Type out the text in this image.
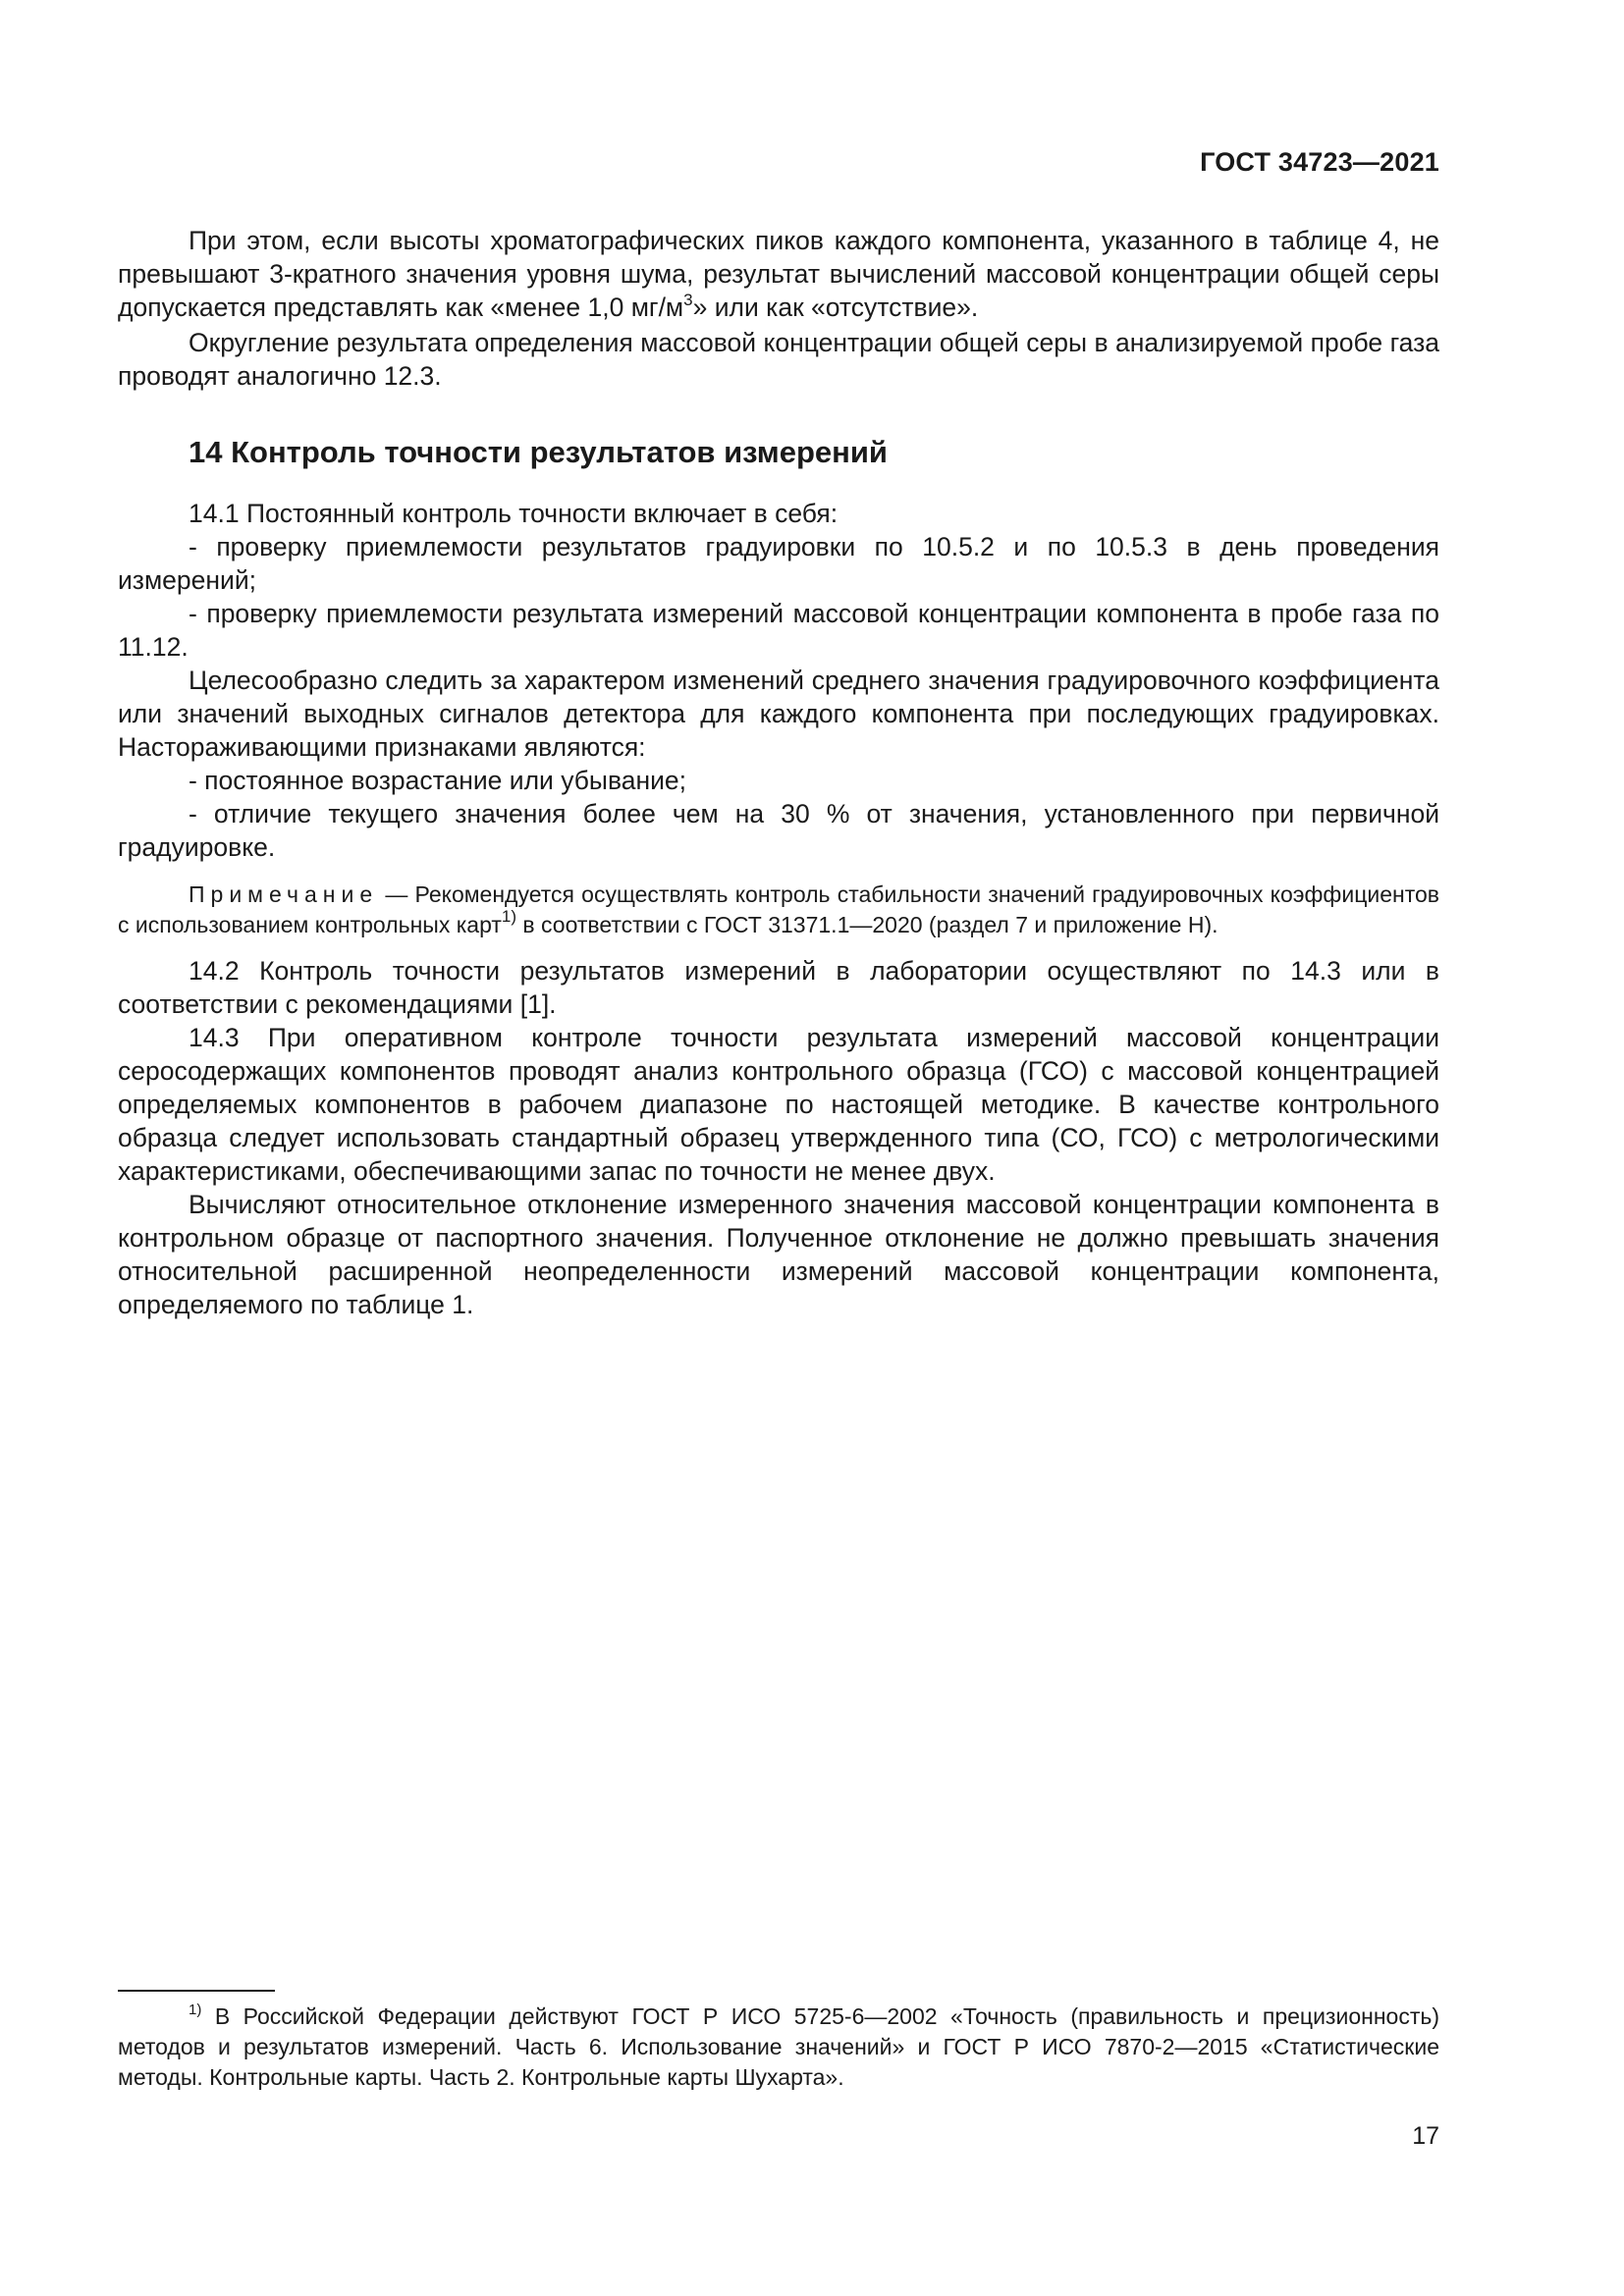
ГОСТ 34723—2021

При этом, если высоты хроматографических пиков каждого компонента, указанного в таблице 4, не превышают 3-кратного значения уровня шума, результат вычислений массовой концентрации общей серы допускается представлять как «менее 1,0 $мг/м^3$» или как «отсутствие».

Округление результата определения массовой концентрации общей серы в анализируемой пробе газа проводят аналогично 12.3.

14 Контроль точности результатов измерений

14.1 Постоянный контроль точности включает в себя:

- проверку приемлемости результатов градуировки по 10.5.2 и по 10.5.3 в день проведения измерений;

- проверку приемлемости результата измерений массовой концентрации компонента в пробе газа по 11.12.

Целесообразно следить за характером изменений среднего значения градуировочного коэффициента или значений выходных сигналов детектора для каждого компонента при последующих градуировках. Настораживающими признаками являются:

- постоянное возрастание или убывание;

- отличие текущего значения более чем на 30 % от значения, установленного при первичной градуировке.

Примечание — Рекомендуется осуществлять контроль стабильности значений градуировочных коэффициентов с использованием контрольных карт$^{1)}$ в соответствии с ГОСТ 31371.1—2020 (раздел 7 и приложение Н).

14.2 Контроль точности результатов измерений в лаборатории осуществляют по 14.3 или в соответствии с рекомендациями [1].

14.3 При оперативном контроле точности результата измерений массовой концентрации серосодержащих компонентов проводят анализ контрольного образца (ГСО) с массовой концентрацией определяемых компонентов в рабочем диапазоне по настоящей методике. В качестве контрольного образца следует использовать стандартный образец утвержденного типа (СО, ГСО) с метрологическими характеристиками, обеспечивающими запас по точности не менее двух.

Вычисляют относительное отклонение измеренного значения массовой концентрации компонента в контрольном образце от паспортного значения. Полученное отклонение не должно превышать значения относительной расширенной неопределенности измерений массовой концентрации компонента, определяемого по таблице 1.

$^{1)}$ В Российской Федерации действуют ГОСТ Р ИСО 5725-6—2002 «Точность (правильность и прецизионность) методов и результатов измерений. Часть 6. Использование значений» и ГОСТ Р ИСО 7870-2—2015 «Статистические методы. Контрольные карты. Часть 2. Контрольные карты Шухарта».

17
